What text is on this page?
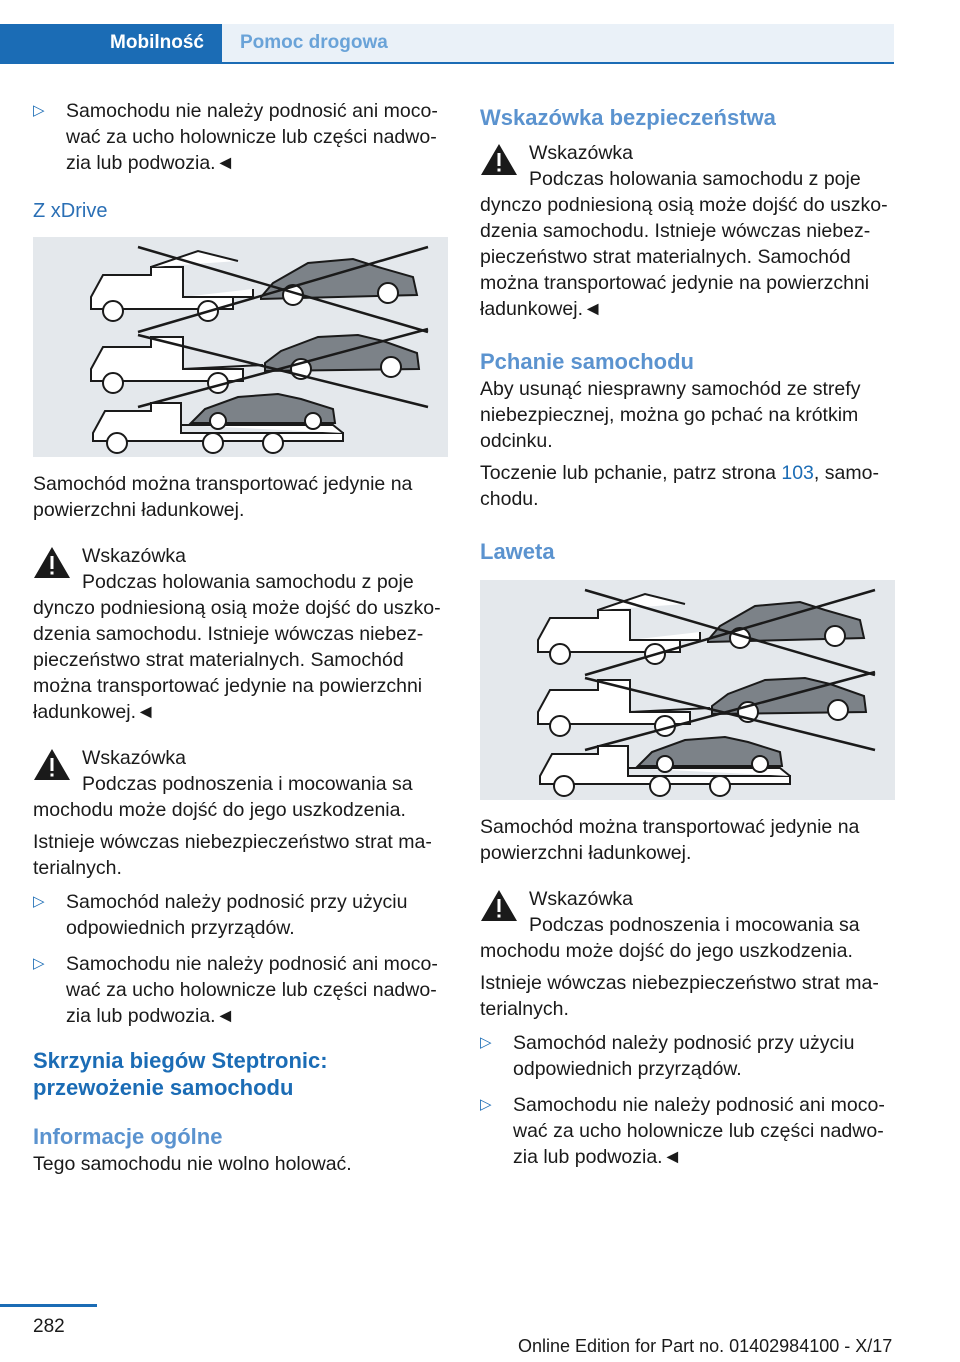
Mobilność	Pomoc drogowa
▷	Samochodu nie należy podnosić ani mocować za ucho holownicze lub części nadwozia lub podwozia.◄
Z xDrive

Samochód można transportować jedynie na powierzchni ładunkowej.

Wskazówka
Podczas holowania samochodu z poje

dynczo podniesioną osią może dojść do uszkodzenia samochodu. Istnieje wówczas niebezpieczeństwo strat materialnych. Samochód można transportować jedynie na powierzchni ładunkowej.◄

Wskazówka
Podczas podnoszenia i mocowania sa

mochodu może dojść do jego uszkodzenia.

Istnieje wówczas niebezpieczeństwo strat materialnych.

▷	Samochód należy podnosić przy użyciu odpowiednich przyrządów.
▷	Samochodu nie należy podnosić ani mocować za ucho holownicze lub części nadwozia lub podwozia.◄
Skrzynia biegów Steptronic: przewożenie samochodu
Informacje ogólne

Tego samochodu nie wolno holować.

Wskazówka bezpieczeństwa
Wskazówka
Podczas holowania samochodu z poje

dynczo podniesioną osią może dojść do uszkodzenia samochodu. Istnieje wówczas niebezpieczeństwo strat materialnych. Samochód można transportować jedynie na powierzchni ładunkowej.◄

Pchanie samochodu

Aby usunąć niesprawny samochód ze strefy niebezpiecznej, można go pchać na krótkim odcinku.

Toczenie lub pchanie, patrz strona 103, samochodu.

Laweta

Samochód można transportować jedynie na powierzchni ładunkowej.

Wskazówka
Podczas podnoszenia i mocowania sa

mochodu może dojść do jego uszkodzenia.

Istnieje wówczas niebezpieczeństwo strat materialnych.

▷	Samochód należy podnosić przy użyciu odpowiednich przyrządów.
▷	Samochodu nie należy podnosić ani mocować za ucho holownicze lub części nadwozia lub podwozia.◄
282
Online Edition for Part no. 01402984100 - X/17
